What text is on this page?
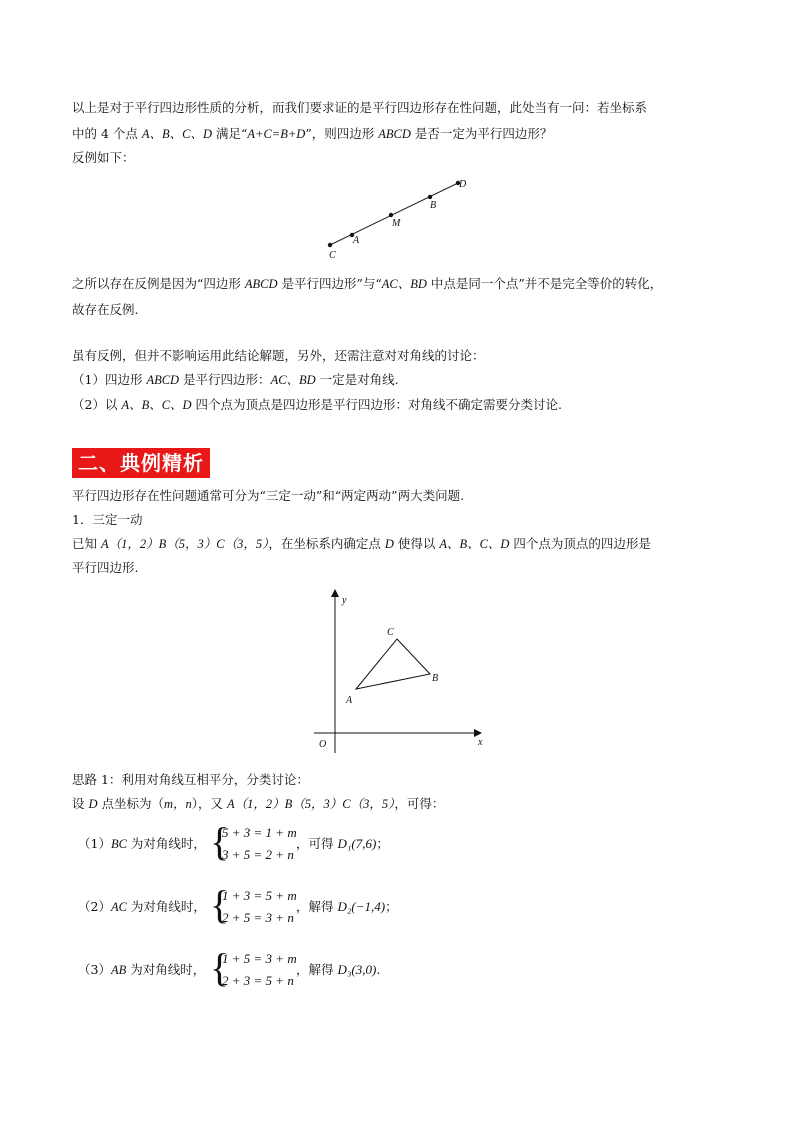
以上是对于平行四边形性质的分析，而我们要求证的是平行四边形存在性问题，此处当有一问：若坐标系
中的 4 个点 A、B、C、D 满足“A+C=B+D”，则四边形 ABCD 是否一定为平行四边形？
反例如下：
C
A
M
B
D
之所以存在反例是因为“四边形 ABCD 是平行四边形”与“AC、BD 中点是同一个点”并不是完全等价的转化，
故存在反例.
虽有反例，但并不影响运用此结论解题，另外，还需注意对对角线的讨论：
（1）四边形 ABCD 是平行四边形：AC、BD 一定是对角线.
（2）以 A、B、C、D 四个点为顶点是四边形是平行四边形：对角线不确定需要分类讨论.
二、典例精析
平行四边形存在性问题通常可分为“三定一动”和“两定两动”两大类问题.
1．三定一动
已知 A（1，2）B（5，3）C（3，5），在坐标系内确定点 D 使得以 A、B、C、D 四个点为顶点的四边形是
平行四边形.
y
x
O
A
B
C
思路 1：利用对角线互相平分，分类讨论：
设 D 点坐标为（m，n），又 A（1，2）B（5，3）C（3，5），可得：
（1）BC 为对角线时， {
5 + 3 = 1 + m
3 + 5 = 2 + n
，可得 D₁(7,6)；
（2）AC 为对角线时， {
1 + 3 = 5 + m
2 + 5 = 3 + n
，解得 D₂(−1,4)；
（3）AB 为对角线时， {
1 + 5 = 3 + m
2 + 3 = 5 + n
，解得 D₃(3,0).
